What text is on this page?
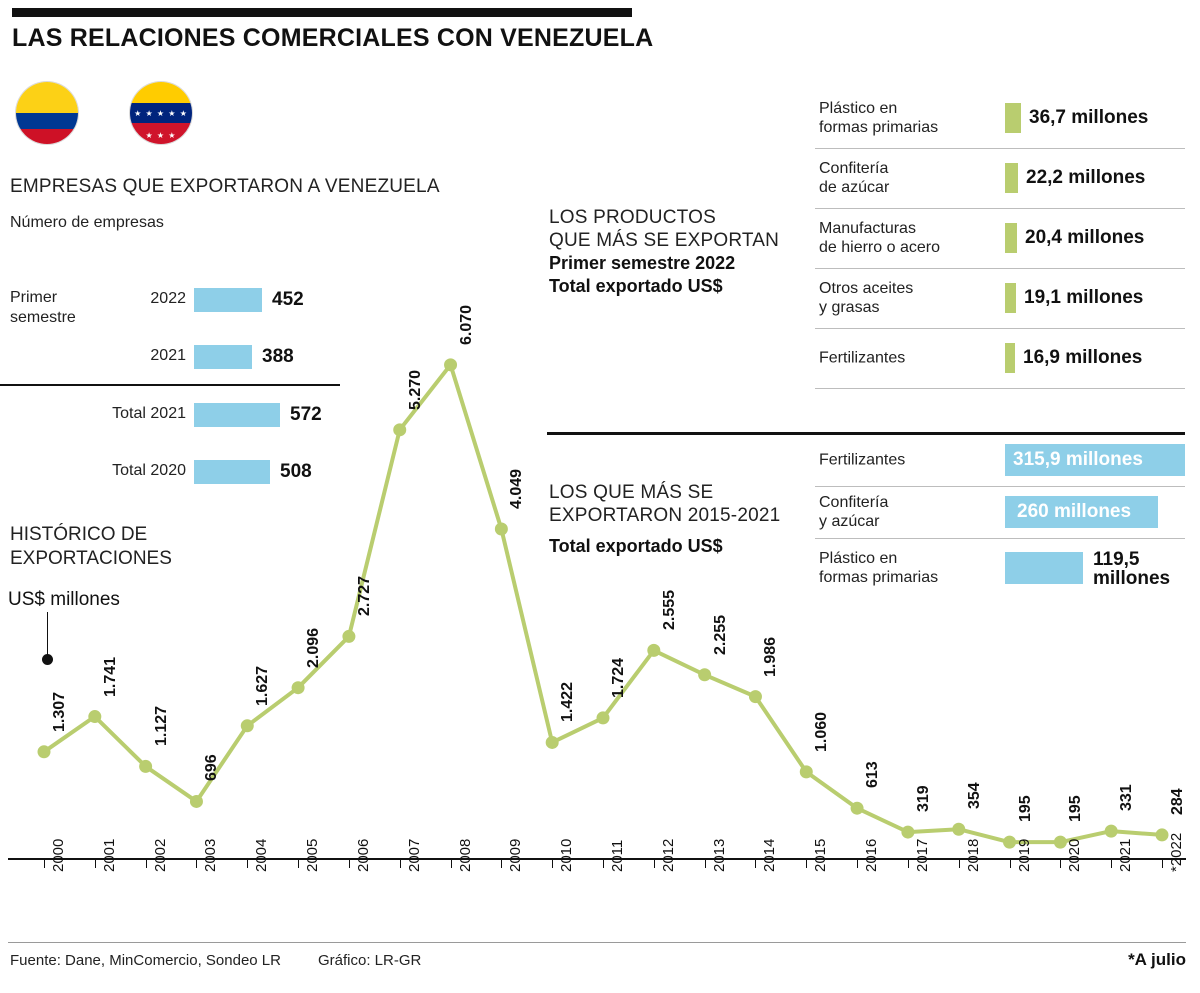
LAS RELACIONES COMERCIALES CON VENEZUELA
★ ★ ★ ★ ★ ★ ★ ★
EMPRESAS QUE EXPORTARON A VENEZUELA
Número de empresas
Primer
semestre
2022	452
2021	388
Total 2021	572
Total 2020	508
HISTÓRICO DE
EXPORTACIONES
US$ millones
2000 2001 2002 2003 2004 2005 2006 2007 2008 2009 2010 2011 2012 2013 2014 2015 2016 2017 2018 2019 2020 2021 *2022
1.307
1.741
1.127
696
1.627
2.096
2.727
5.270
6.070
4.049
1.422
1.724
2.555
2.255
1.986
1.060
613
319 354 195 195 331 284
LOS PRODUCTOS
QUE MÁS SE EXPORTAN
Primer semestre 2022
Total exportado US$
Plástico en
formas primarias	36,7 millones
Confitería
de azúcar	22,2 millones
Manufacturas
de hierro o acero	20,4 millones
Otros aceites
y grasas	19,1 millones
Fertilizantes	16,9 millones
LOS QUE MÁS SE
EXPORTARON 2015-2021
Total exportado US$
Fertilizantes	315,9 millones
Confitería
y azúcar	260 millones
Plástico en
formas primarias
119,5
millones
Fuente: Dane, MinComercio, Sondeo LR Gráfico: LR-GR	*A julio
